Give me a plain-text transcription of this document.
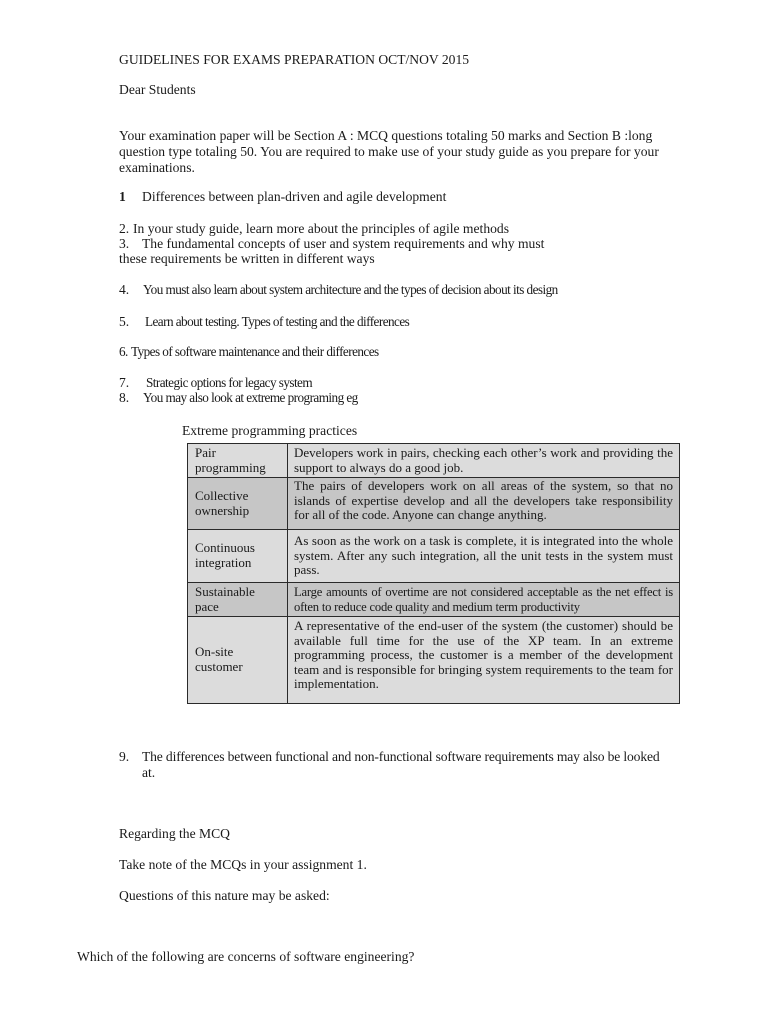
GUIDELINES FOR EXAMS PREPARATION OCT/NOV 2015
Dear Students
Your examination paper will be Section A : MCQ questions totaling 50 marks and Section B :long
question type totaling 50. You are required to make use of your study guide as you prepare for your
examinations.
1 Differences between plan-driven and agile development
2. In your study guide, learn more about the principles of agile methods
3. The fundamental concepts of user and system requirements and why must
these requirements be written in different ways
4. You must also learn about system architecture and the types of decision about its design
5. Learn about testing. Types of testing and the differences
6. Types of software maintenance and their differences
7. Strategic options for legacy system
8. You may also look at extreme programing eg
Extreme programming practices
Pair programming	Developers work in pairs, checking each other’s work and providing the support to always do a good job.
Collective ownership	The pairs of developers work on all areas of the system, so that no islands of expertise develop and all the developers take responsibility for all of the code. Anyone can change anything.
Continuous integration	As soon as the work on a task is complete, it is integrated into the whole system. After any such integration, all the unit tests in the system must pass.
Sustainable pace	Large amounts of overtime are not considered acceptable as the net effect is often to reduce code quality and medium term productivity
On-site customer	A representative of the end-user of the system (the customer) should be available full time for the use of the XP team. In an extreme programming process, the customer is a member of the development team and is responsible for bringing system requirements to the team for implementation.
9. The differences between functional and non-functional software requirements may also be looked
at.
Regarding the MCQ
Take note of the MCQs in your assignment 1.
Questions of this nature may be asked:
Which of the following are concerns of software engineering?
